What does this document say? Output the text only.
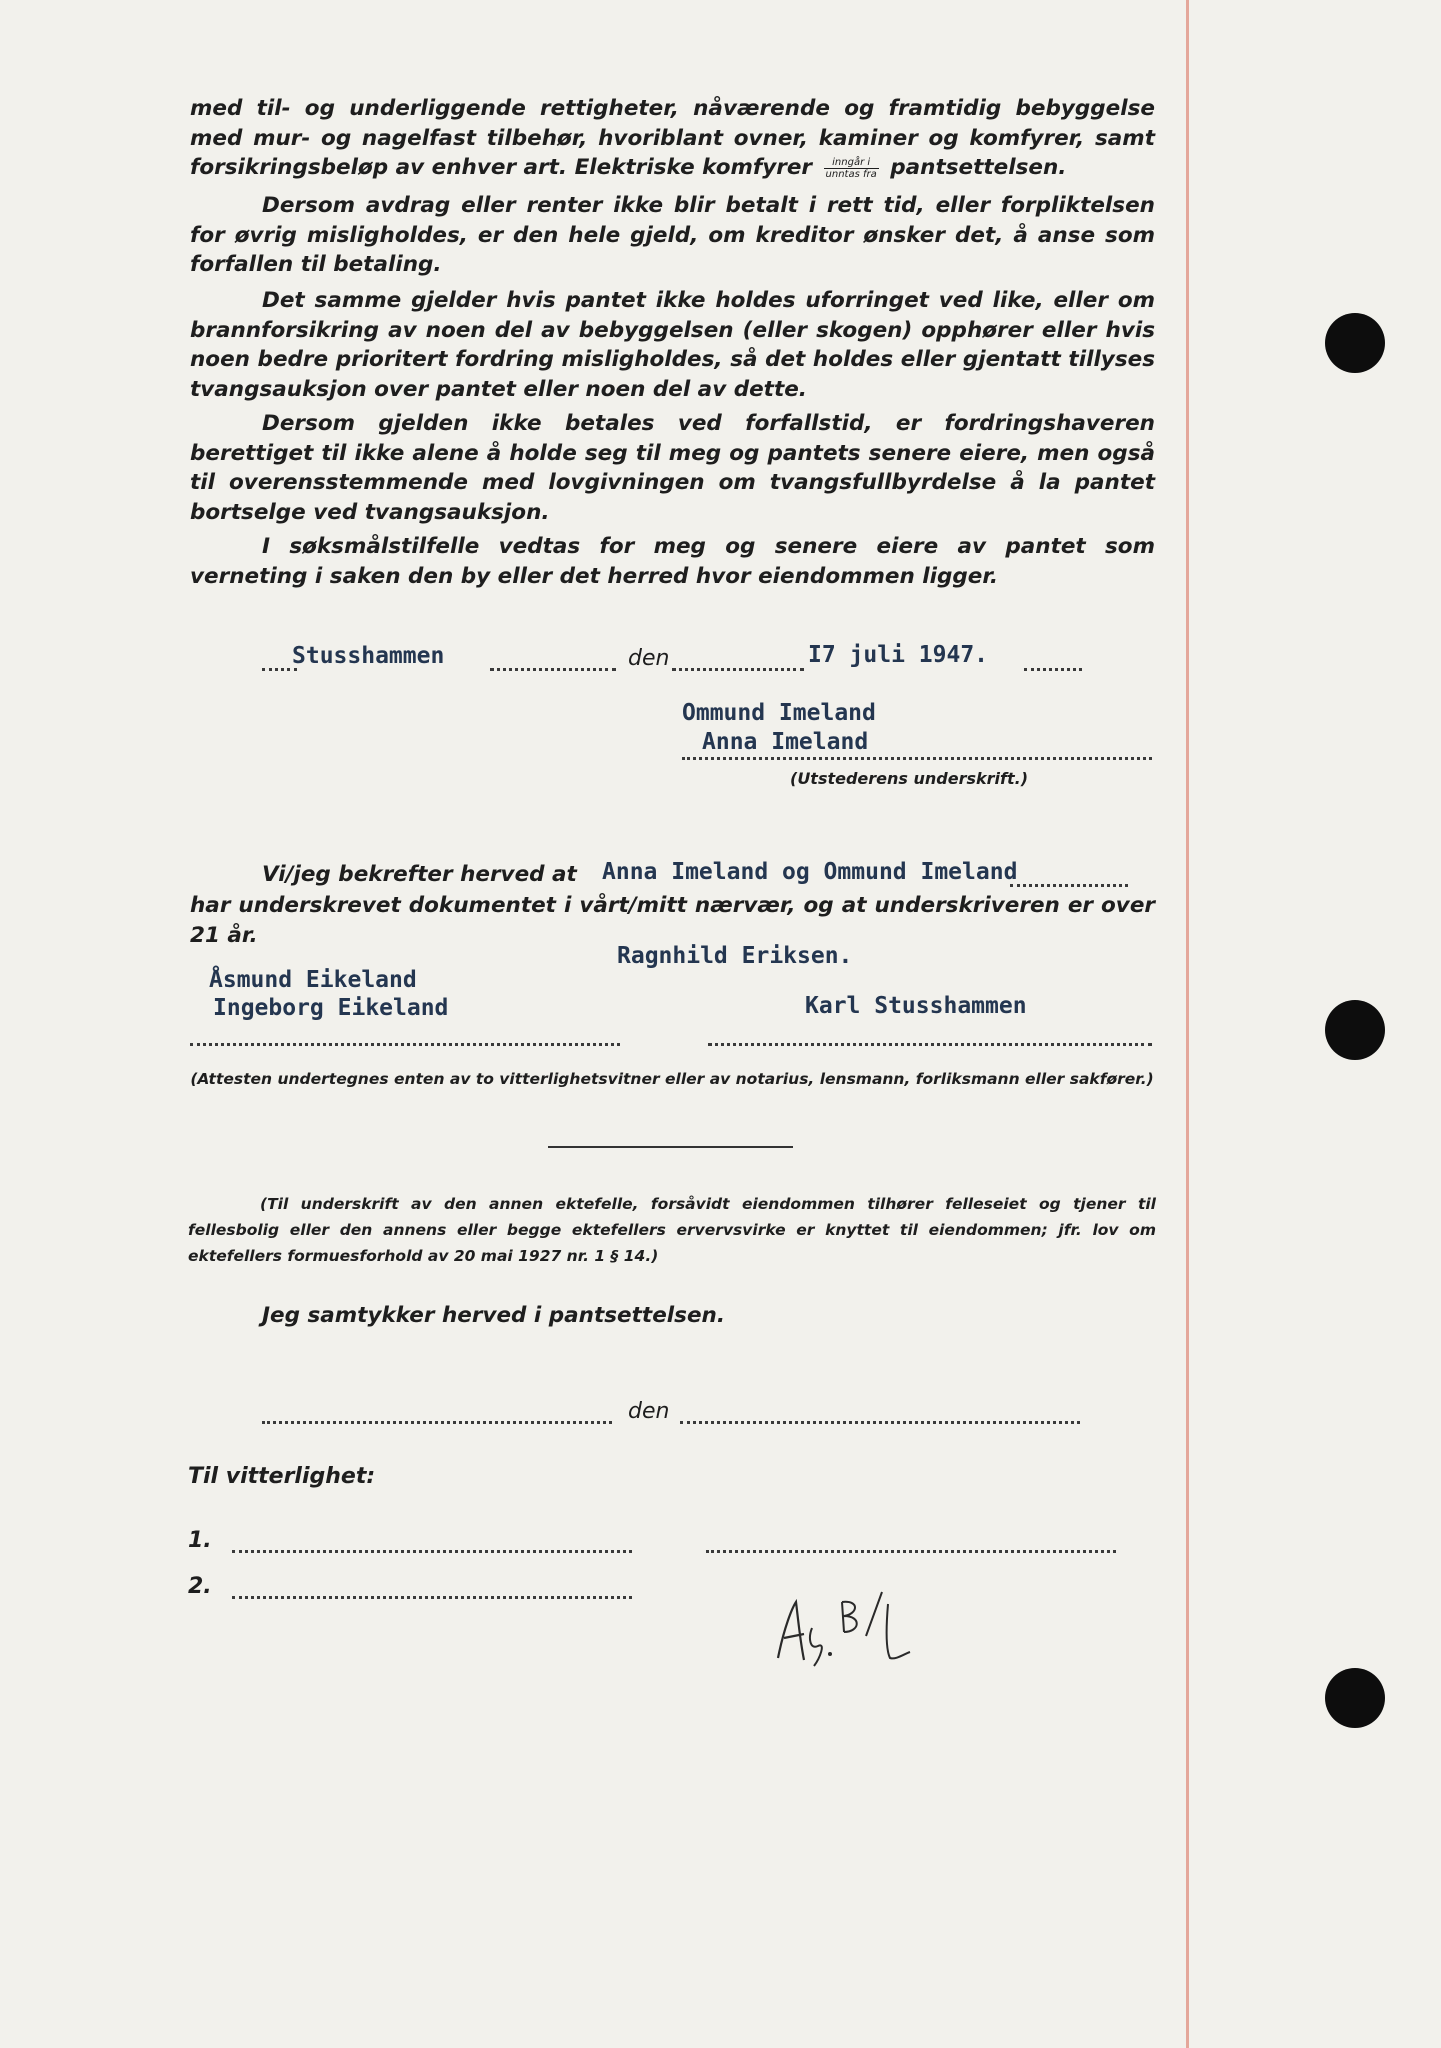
med til- og underliggende rettigheter, nåværende og framtidig bebyggelse med mur- og nagelfast tilbehør, hvoriblant ovner, kaminer og komfyrer, samt forsikringsbeløp av enhver art. Elektriske komfyrer $\frac{\text{inngår i}}{\text{unntas fra}}$ pantsettelsen.
Dersom avdrag eller renter ikke blir betalt i rett tid, eller forpliktelsen for øvrig misligholdes, er den hele gjeld, om kreditor ønsker det, å anse som forfallen til betaling.
Det samme gjelder hvis pantet ikke holdes uforringet ved like, eller om brannforsikring av noen del av bebyggelsen (eller skogen) opphører eller hvis noen bedre prioritert fordring misligholdes, så det holdes eller gjentatt tillyses tvangsauksjon over pantet eller noen del av dette.
Dersom gjelden ikke betales ved forfallstid, er fordringshaveren berettiget til ikke alene å holde seg til meg og pantets senere eiere, men også til overensstemmende med lovgivningen om tvangsfullbyrdelse å la pantet bortselge ved tvangsauksjon.
I søksmålstilfelle vedtas for meg og senere eiere av pantet som verneting i saken den by eller det herred hvor eiendommen ligger.
Stusshammen	den	I7 juli 1947.
Ommund Imeland
Anna Imeland
(Utstederens underskrift.)
Vi/jeg bekrefter herved at Anna Imeland og Ommund Imeland
har underskrevet dokumentet i vårt/mitt nærvær, og at underskriveren er over 21 år.
Ragnhild Eriksen.
Åsmund Eikeland
Ingeborg Eikeland	Karl Stusshammen
(Attesten undertegnes enten av to vitterlighetsvitner eller av notarius, lensmann, forliksmann eller sakfører.)
(Til underskrift av den annen ektefelle, forsåvidt eiendommen tilhører felleseiet og tjener til fellesbolig eller den annens eller begge ektefellers ervervsvirke er knyttet til eiendommen; jfr. lov om ektefellers formuesforhold av 20 mai 1927 nr. 1 § 14.)
Jeg samtykker herved i pantsettelsen.
den
Til vitterlighet:
1.
2.
